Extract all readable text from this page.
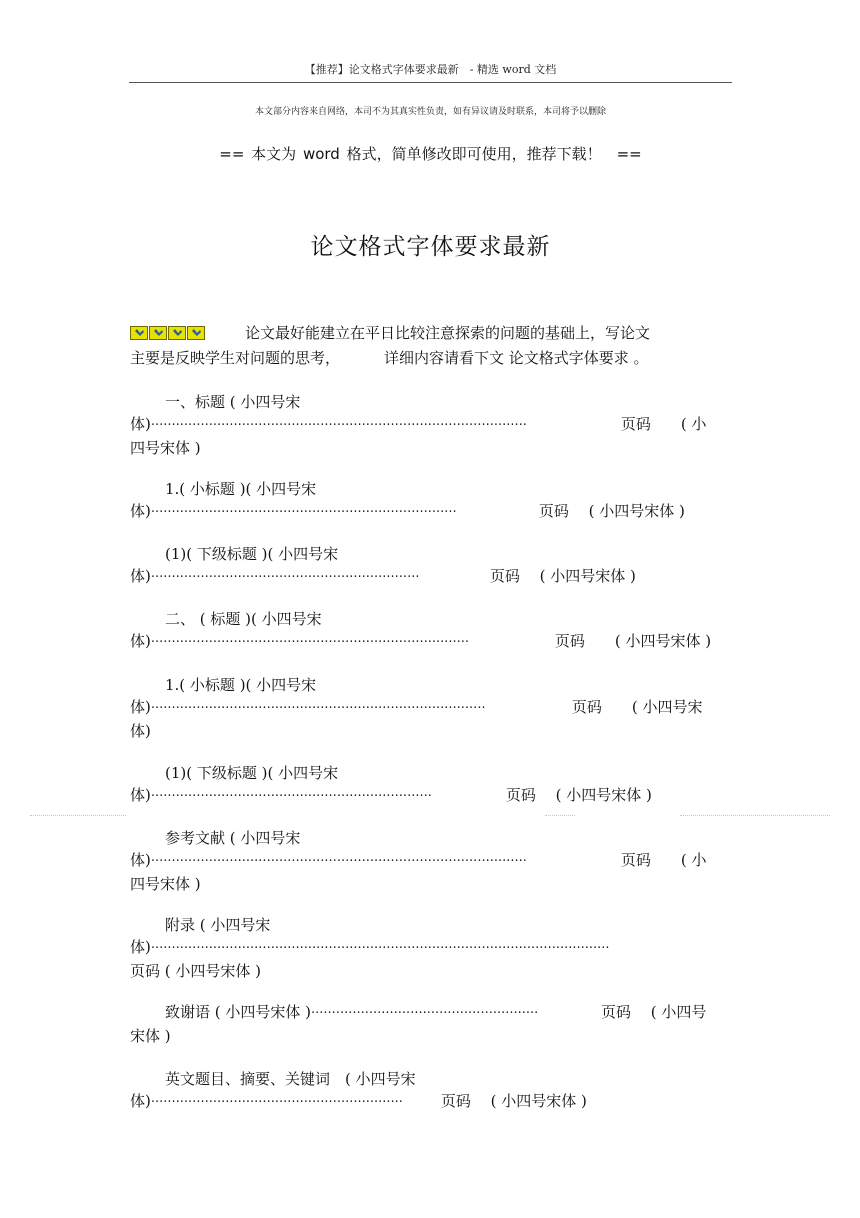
【推荐】论文格式字体要求最新　- 精选 word 文档
本文部分内容来自网络，本司不为其真实性负责，如有异议请及时联系，本司将予以删除
== 本文为 word 格式，简单修改即可使用，推荐下载！　==
论文格式字体要求最新
论文最好能建立在平日比较注意探索的问题的基础上，写论文
主要是反映学生对问题的思考，	详细内容请看下文 论文格式字体要求 。
一、标题 ( 小四号宋
体) ···························································································	页码　　( 小
四号宋体 )
1.( 小标题 )( 小四号宋
体) ··········································································	页码　 ( 小四号宋体 )
(1)( 下级标题 )( 小四号宋
体) ·································································	页码　 ( 小四号宋体 )
二、 ( 标题 )( 小四号宋
体) ·············································································	页码　　( 小四号宋体 )
1.( 小标题 )( 小四号宋
体) ·················································································	页码　　( 小四号宋
体)
(1)( 下级标题 )( 小四号宋
体) ····································································	页码　 ( 小四号宋体 )
参考文献 ( 小四号宋
体) ···························································································	页码　　( 小
四号宋体 )
附录 ( 小四号宋
体) ···············································································································
页码 ( 小四号宋体 )
致谢语 ( 小四号宋体 ) ·······················································	页码　 ( 小四号
宋体 )
英文题目、摘要、关键词　( 小四号宋
体) ·····························································	页码　 ( 小四号宋体 )
